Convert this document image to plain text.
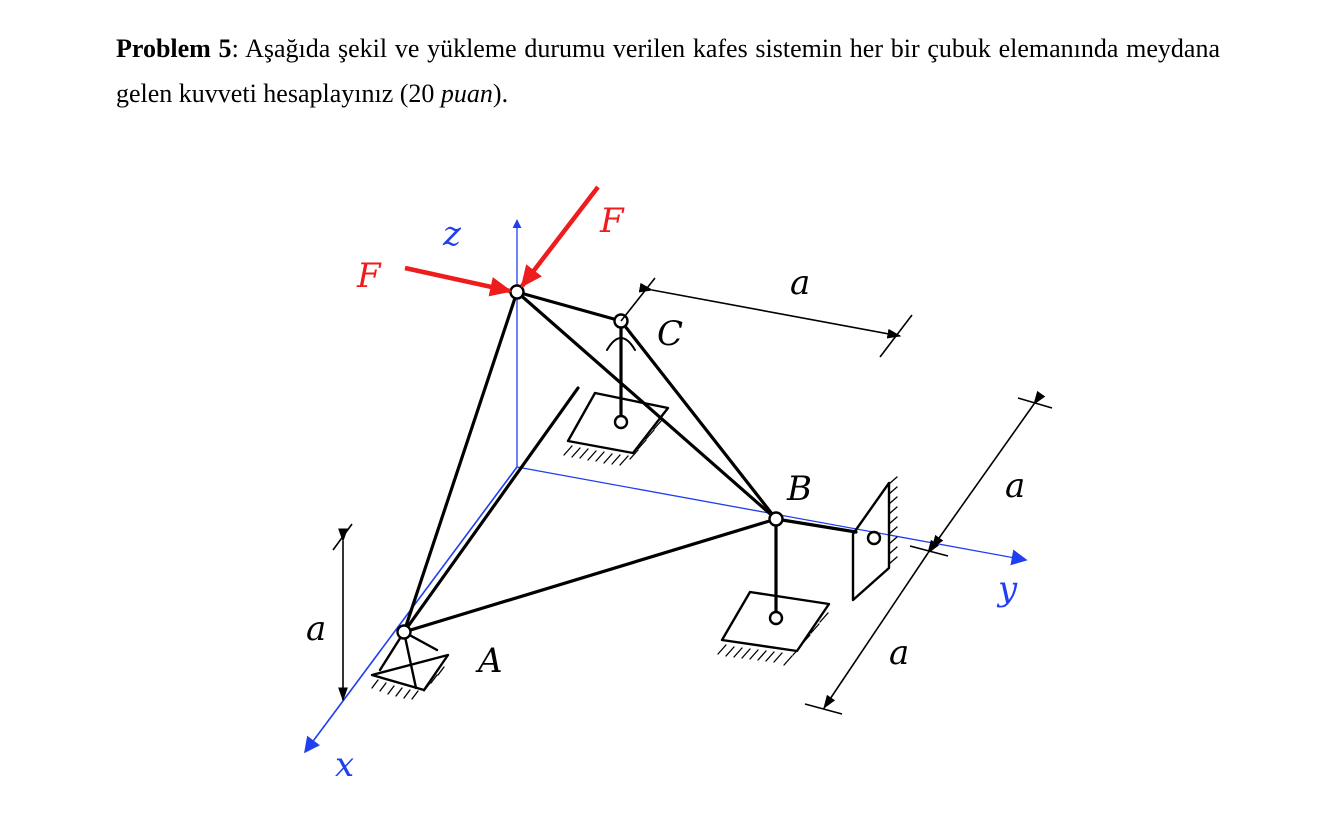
Problem 5: Aşağıda şekil ve yükleme durumu verilen kafes sistemin her bir çubuk elemanında meydana gelen kuvveti hesaplayınız (20 puan).
F
F
a
a
a
a
A
B
C
z
y
x
